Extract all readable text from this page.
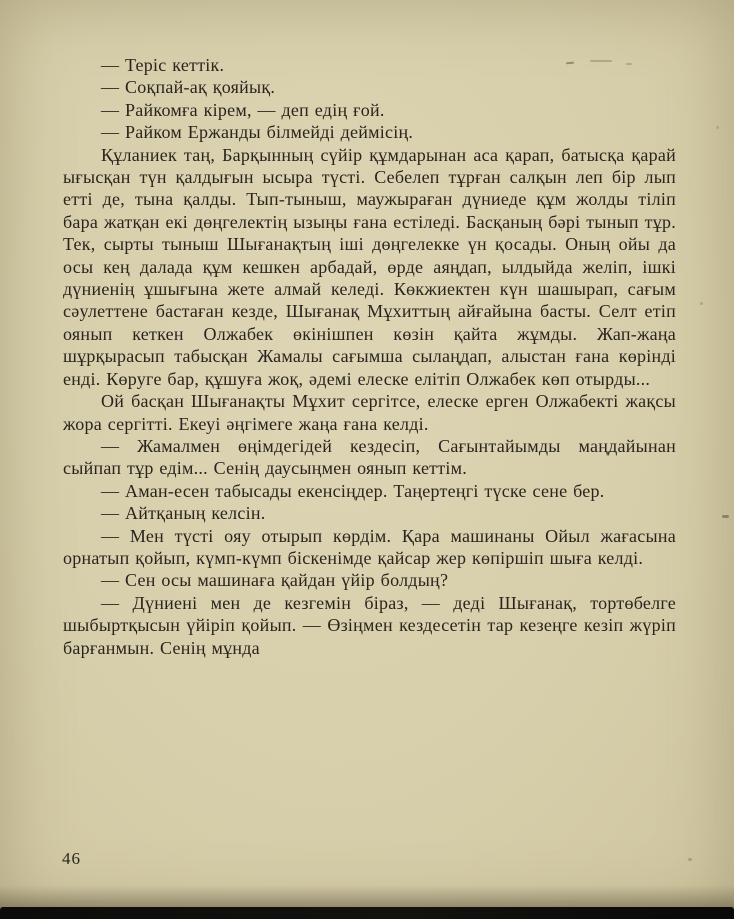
— Теріс кеттік.

— Соқпай-ақ қояйық.

— Райкомға кірем, — деп едің ғой.

— Райком Ержанды білмейді деймісің.

Құланиек таң, Барқынның сүйір құмдарынан аса қарап, батысқа қарай ығысқан түн қалдығын ысыра түсті. Себелеп тұрған салқын леп бір лып етті де, тына қалды. Тып-тыныш, маужыраған дүниеде құм жолды тіліп бара жатқан екі дөңгелектің ызыңы ғана естіледі. Басқаның бәрі тынып тұр. Тек, сырты тыныш Шығанақтың іші дөңгелекке үн қосады. Оның ойы да осы кең далада құм кешкен арбадай, өрде аяңдап, ылдыйда желіп, ішкі дүниенің ұшығына жете алмай келеді. Көкжиектен күн шашырап, сағым сәулеттене бастаған кезде, Шығанақ Мұхиттың айғайына басты. Селт етіп оянып кеткен Олжабек өкінішпен көзін қайта жұмды. Жап-жаңа шұрқырасып табысқан Жамалы сағымша сылаңдап, алыстан ғана көрінді енді. Көруге бар, құшуға жоқ, әдемі елеске елітіп Олжабек көп отырды...

Ой басқан Шығанақты Мұхит сергітсе, елеске ерген Олжабекті жақсы жора сергітті. Екеуі әңгімеге жаңа ғана келді.

— Жамалмен өңімдегідей кездесіп, Сағынтайымды маңдайынан сыйпап тұр едім... Сенің даусыңмен оянып кеттім.

— Аман-есен табысады екенсіңдер. Таңертеңгі түске сене бер.

— Айтқаның келсін.

— Мен түсті ояу отырып көрдім. Қара машинаны Ойыл жағасына орнатып қойып, күмп-күмп біскенімде қайсар жер көпіршіп шыға келді.

— Сен осы машинаға қайдан үйір болдың?

— Дүниені мен де кезгемін біраз, — деді Шығанақ, тортөбелге шыбыртқысын үйіріп қойып. — Өзіңмен кездесетін тар кезеңге кезіп жүріп барғанмын. Сенің мұнда

46
